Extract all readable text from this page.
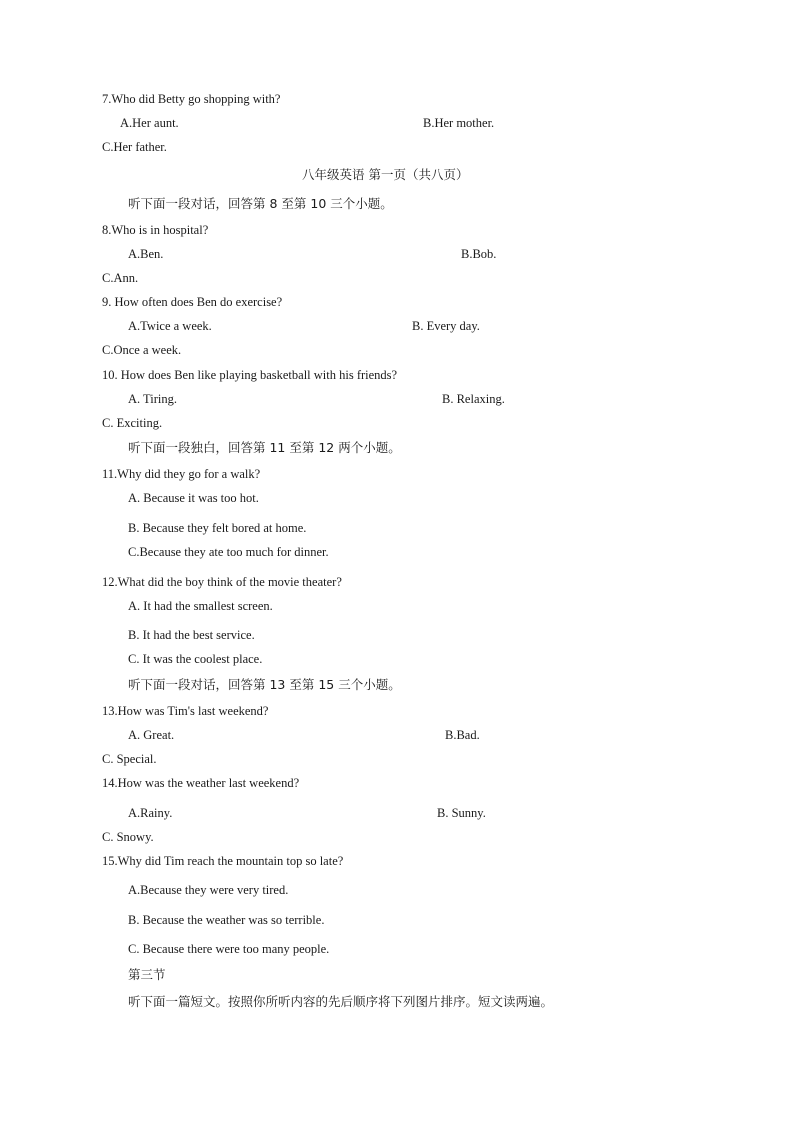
7.Who did Betty go shopping with?
A.Her aunt.	B.Her mother.
C.Her father.
八年级英语 第一页（共八页）
听下面一段对话，回答第 8 至第 10 三个小题。
8.Who is in hospital?
A.Ben.	B.Bob.
C.Ann.
9. How often does Ben do exercise?
A.Twice a week.	B. Every day.
C.Once a week.
10. How does Ben like playing basketball with his friends?
A. Tiring.	B. Relaxing.
C. Exciting.
听下面一段独白，回答第 11 至第 12 两个小题。
11.Why did they go for a walk?
A. Because it was too hot.
B. Because they felt bored at home.
C.Because they ate too much for dinner.
12.What did the boy think of the movie theater?
A. It had the smallest screen.
B. It had the best service.
C. It was the coolest place.
听下面一段对话，回答第 13 至第 15 三个小题。
13.How was Tim's last weekend?
A. Great.	B.Bad.
C. Special.
14.How was the weather last weekend?
A.Rainy.	B. Sunny.
C. Snowy.
15.Why did Tim reach the mountain top so late?
A.Because they were very tired.
B. Because the weather was so terrible.
C. Because there were too many people.
第三节
听下面一篇短文。按照你所听内容的先后顺序将下列图片排序。短文读两遍。
